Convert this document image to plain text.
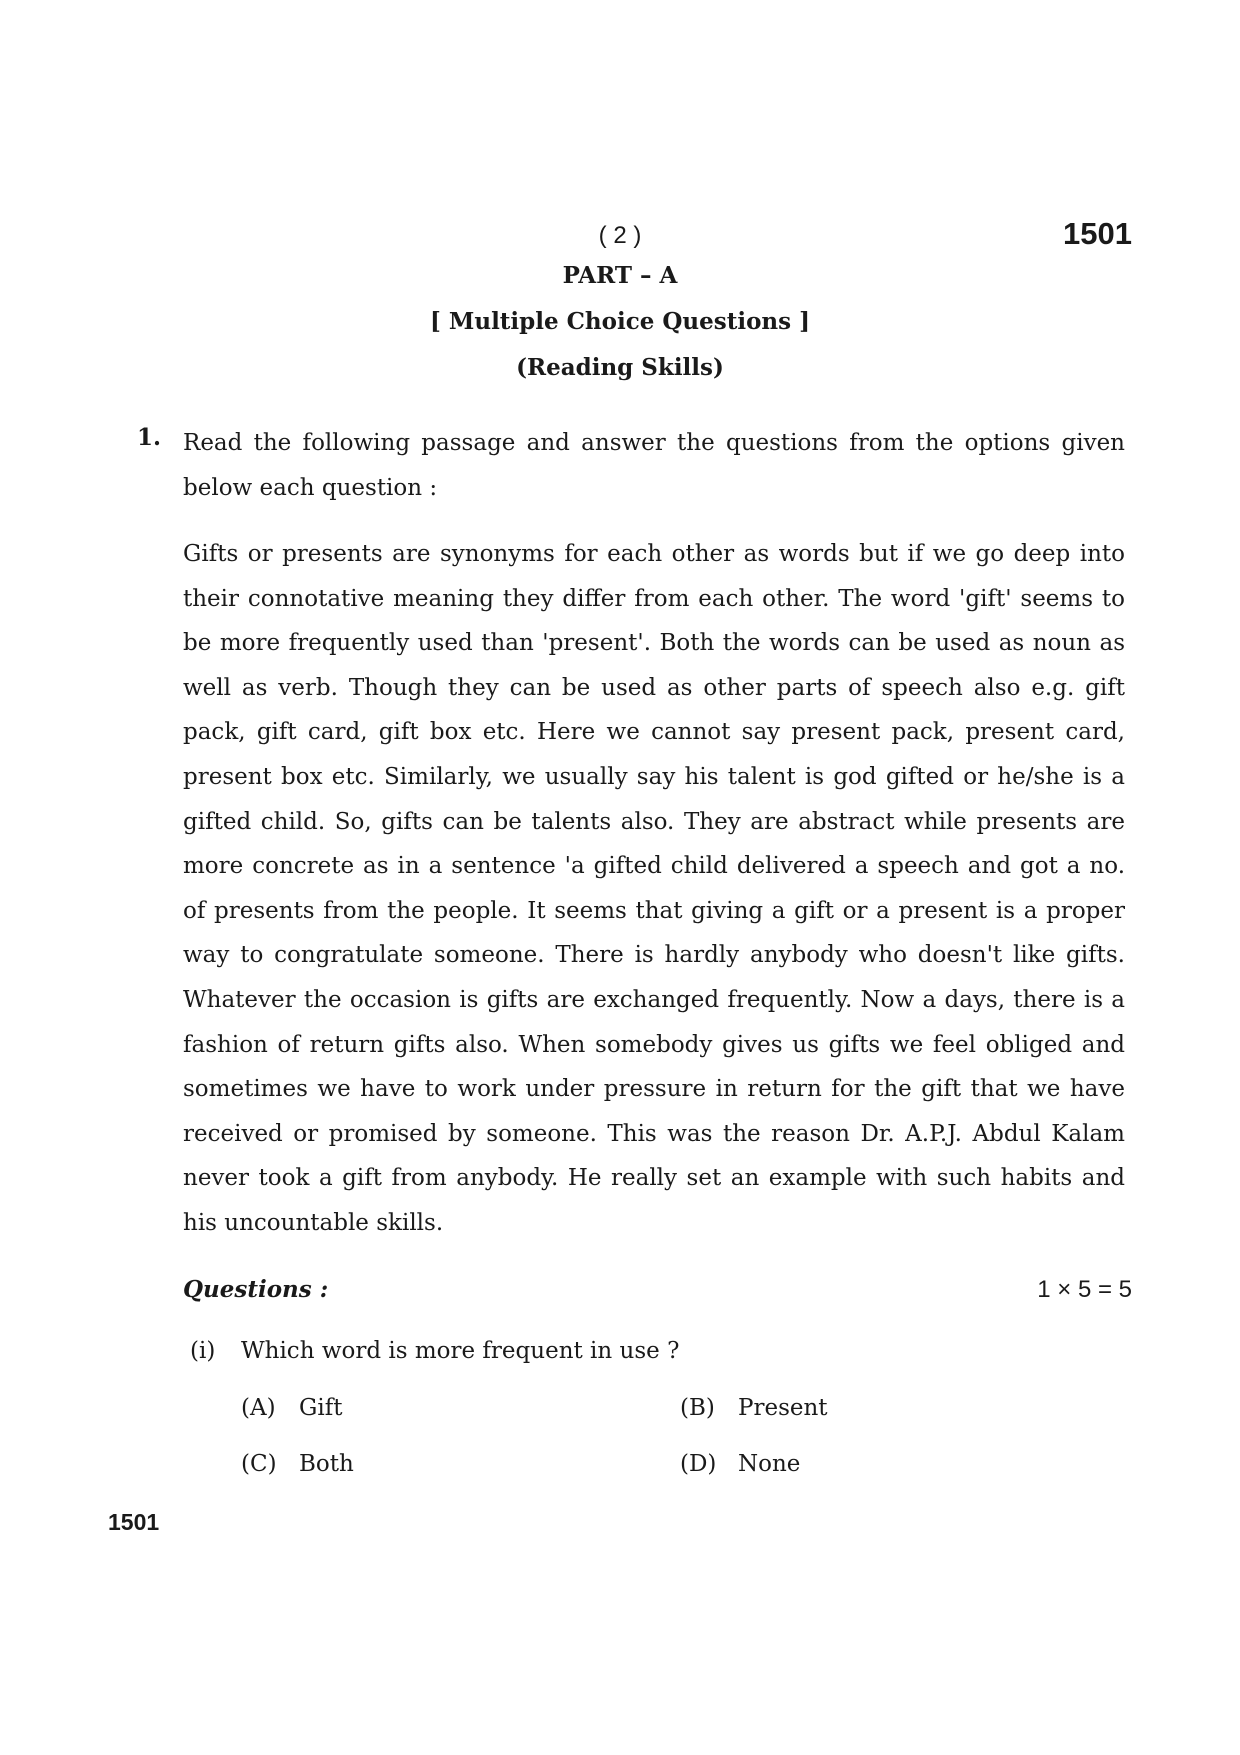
( 2 )	1501
PART – A
[ Multiple Choice Questions ]
(Reading Skills)
1. Read the following passage and answer the questions from the options given below each question :
Gifts or presents are synonyms for each other as words but if we go deep into their connotative meaning they differ from each other. The word 'gift' seems to be more frequently used than 'present'. Both the words can be used as noun as well as verb. Though they can be used as other parts of speech also e.g. gift pack, gift card, gift box etc. Here we cannot say present pack, present card, present box etc. Similarly, we usually say his talent is god gifted or he/she is a gifted child. So, gifts can be talents also. They are abstract while presents are more concrete as in a sentence 'a gifted child delivered a speech and got a no. of presents from the people. It seems that giving a gift or a present is a proper way to congratulate someone. There is hardly anybody who doesn't like gifts. Whatever the occasion is gifts are exchanged frequently. Now a days, there is a fashion of return gifts also. When somebody gives us gifts we feel obliged and sometimes we have to work under pressure in return for the gift that we have received or promised by someone. This was the reason Dr. A.P.J. Abdul Kalam never took a gift from anybody. He really set an example with such habits and his uncountable skills.
Questions :	1 × 5 = 5
(i) Which word is more frequent in use ?
(A) Gift	(B) Present
(C) Both	(D) None
1501
